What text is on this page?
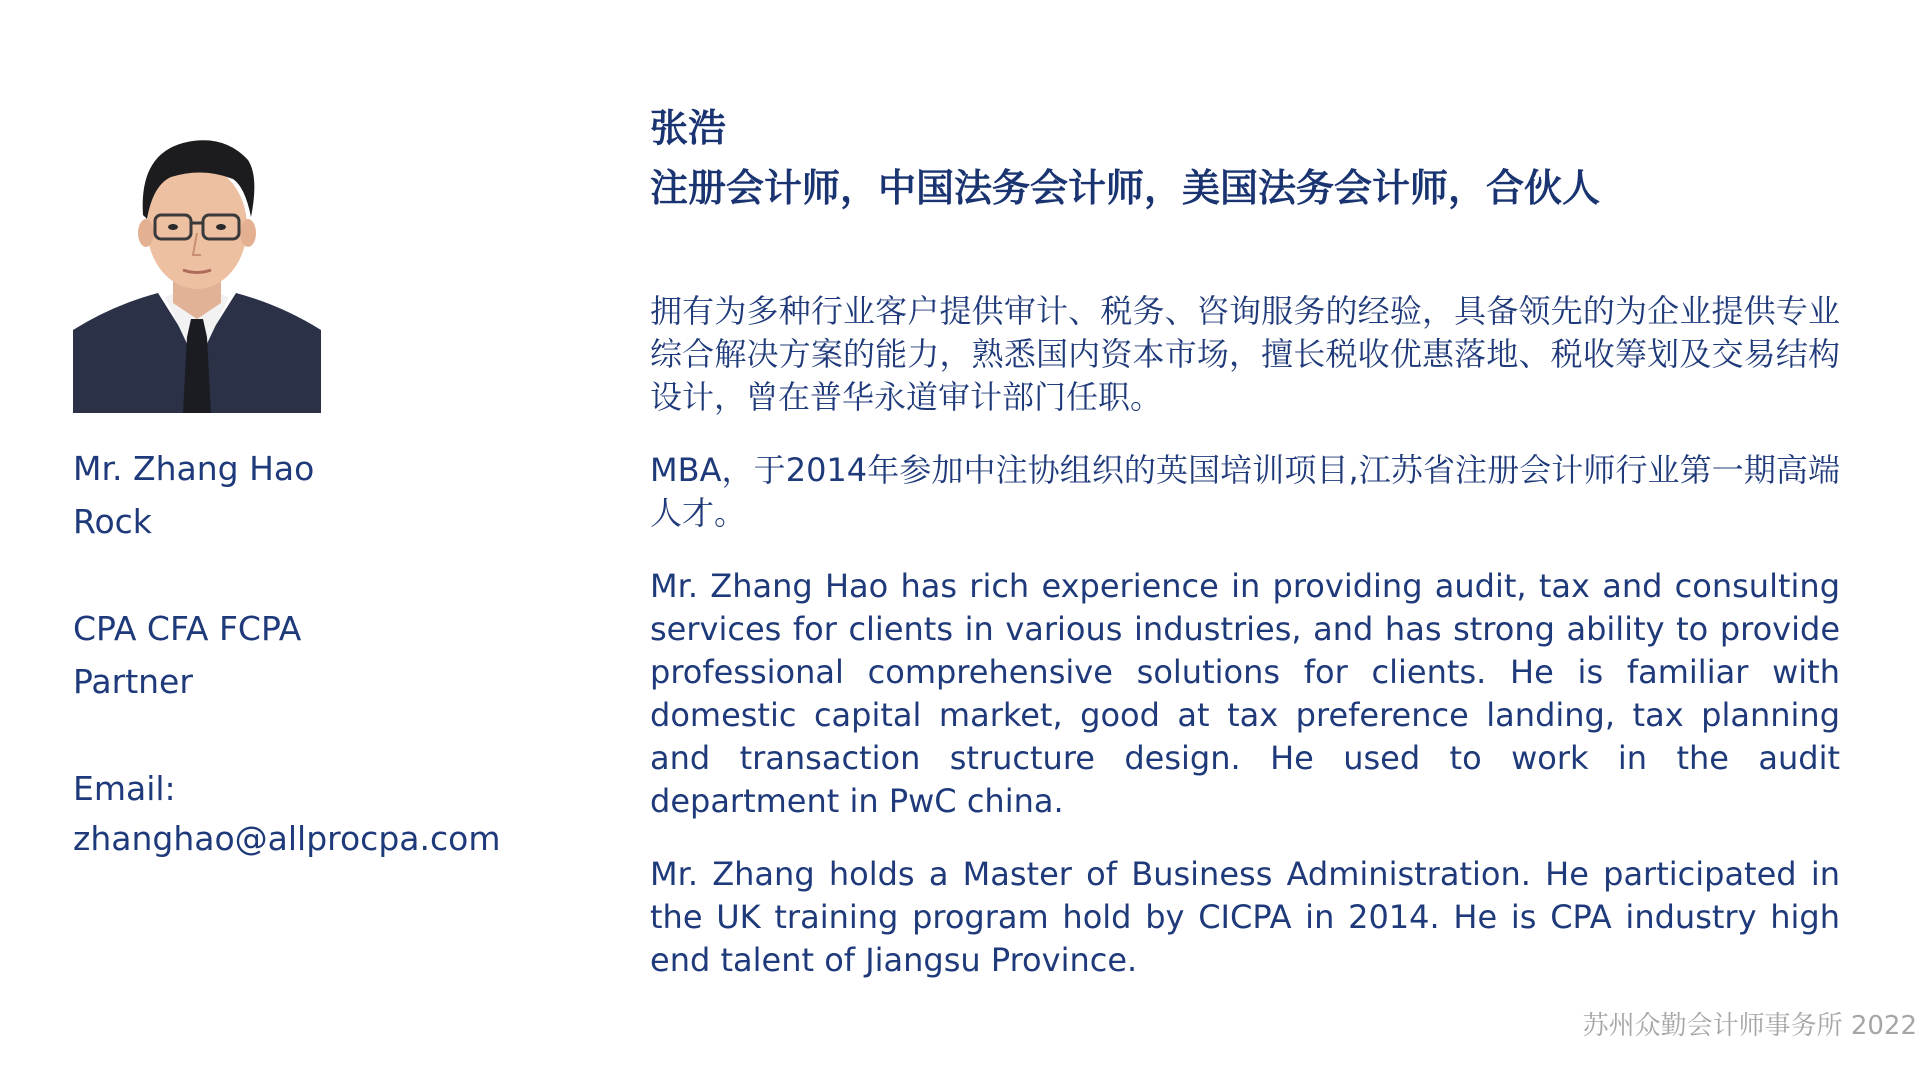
Mr. Zhang Hao
Rock
CPA CFA FCPA
Partner
Email:
zhanghao@allprocpa.com
张浩
注册会计师，中国法务会计师，美国法务会计师，合伙人

拥有为多种行业客户提供审计、税务、咨询服务的经验，具备领先的为企业提供专业综合解决方案的能力，熟悉国内资本市场，擅长税收优惠落地、税收筹划及交易结构设计，曾在普华永道审计部门任职。

MBA，于2014年参加中注协组织的英国培训项目,江苏省注册会计师行业第一期高端人才。

Mr. Zhang Hao has rich experience in providing audit, tax and consulting services for clients in various industries, and has strong ability to provide professional comprehensive solutions for clients. He is familiar with domestic capital market, good at tax preference landing, tax planning and transaction structure design. He used to work in the audit department in PwC china.

Mr. Zhang holds a Master of Business Administration. He participated in the UK training program hold by CICPA in 2014. He is CPA industry high end talent of Jiangsu Province.

苏州众勤会计师事务所 2022
